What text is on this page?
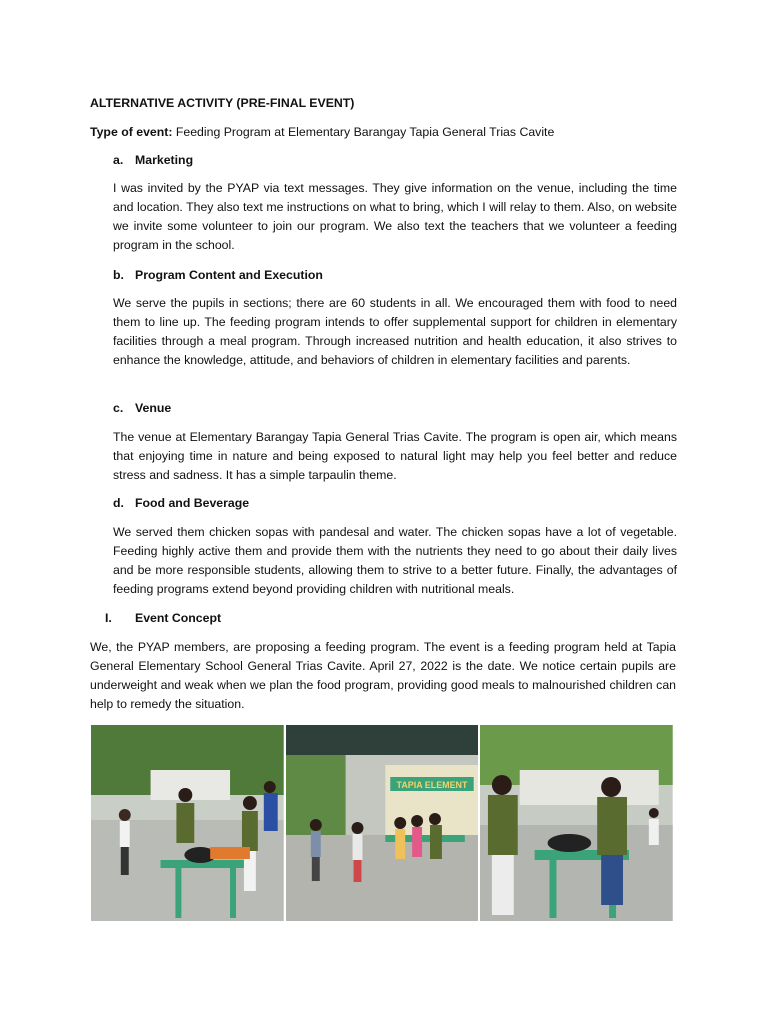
ALTERNATIVE ACTIVITY (PRE-FINAL EVENT)
Type of event: Feeding Program at Elementary Barangay Tapia General Trias Cavite
a. Marketing
I was invited by the PYAP via text messages. They give information on the venue, including the time and location. They also text me instructions on what to bring, which I will relay to them. Also, on website we invite some volunteer to join our program. We also text the teachers that we volunteer a feeding program in the school.
b. Program Content and Execution
We serve the pupils in sections; there are 60 students in all. We encouraged them with food to need them to line up. The feeding program intends to offer supplemental support for children in elementary facilities through a meal program. Through increased nutrition and health education, it also strives to enhance the knowledge, attitude, and behaviors of children in elementary facilities and parents.
c. Venue
The venue at Elementary Barangay Tapia General Trias Cavite. The program is open air, which means that enjoying time in nature and being exposed to natural light may help you feel better and reduce stress and sadness. It has a simple tarpaulin theme.
d. Food and Beverage
We served them chicken sopas with pandesal and water. The chicken sopas have a lot of vegetable. Feeding highly active them and provide them with the nutrients they need to go about their daily lives and be more responsible students, allowing them to strive to a better future. Finally, the advantages of feeding programs extend beyond providing children with nutritional meals.
I. Event Concept
We, the PYAP members, are proposing a feeding program. The event is a feeding program held at Tapia General Elementary School General Trias Cavite. April 27, 2022 is the date. We notice certain pupils are underweight and weak when we plan the food program, providing good meals to malnourished children can help to remedy the situation.
TAPIA ELEMENT
